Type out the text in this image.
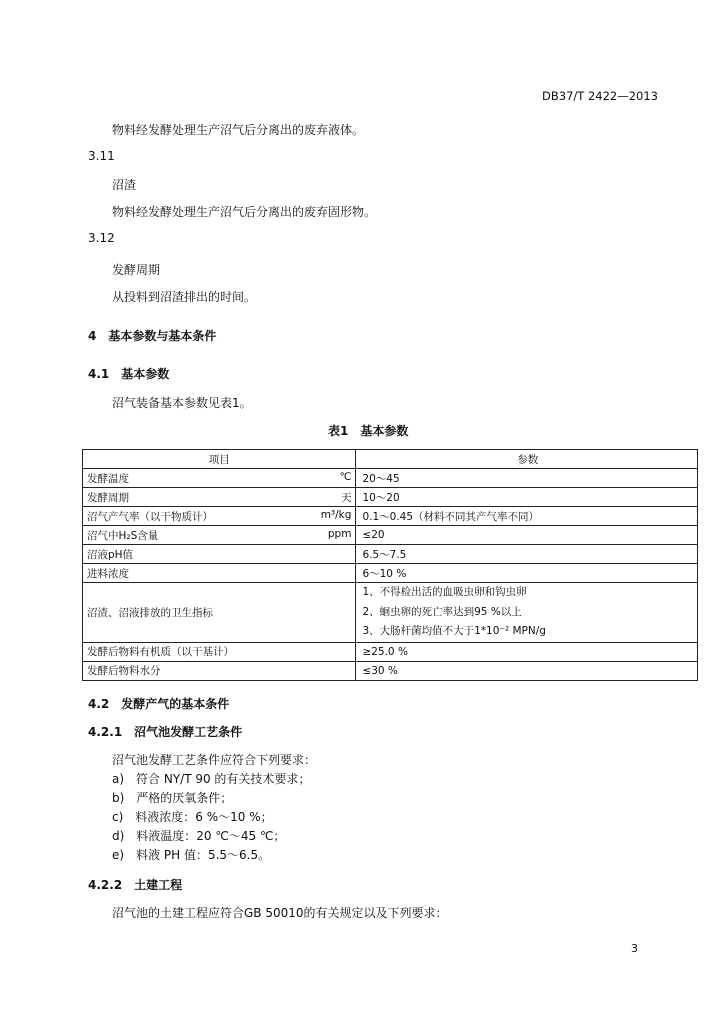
DB37/T 2422—2013
物料经发酵处理生产沼气后分离出的废弃液体。
3.11
沼渣
物料经发酵处理生产沼气后分离出的废弃固形物。
3.12
发酵周期
从投料到沼渣排出的时间。
4　基本参数与基本条件
4.1　基本参数
沼气装备基本参数见表1。
表1　基本参数
项目	参数

发酵温度 ℃	20～45

发酵周期 天	10～20

沼气产气率（以干物质计） m³/kg	0.1～0.45（材料不同其产气率不同）

沼气中H₂S含量 ppm	≤20
沼液pH值	6.5～7.5
进料浓度	6～10 %
沼渣、沼液排放的卫生指标	1、不得检出活的血吸虫卵和钩虫卵
2、蛔虫卵的死亡率达到95 %以上
3、大肠杆菌均值不大于1*10⁻² MPN/g

发酵后物料有机质（以干基计）	≥25.0 %
发酵后物料水分	≤30 %
4.2　发酵产气的基本条件
4.2.1　沼气池发酵工艺条件
沼气池发酵工艺条件应符合下列要求：
a)　符合 NY/T 90 的有关技术要求；
b)　严格的厌氧条件；
c)　料液浓度：6 %～10 %；
d)　料液温度：20 ℃～45 ℃；
e)　料液 PH 值：5.5～6.5。
4.2.2　土建工程
沼气池的土建工程应符合GB 50010的有关规定以及下列要求：
3
